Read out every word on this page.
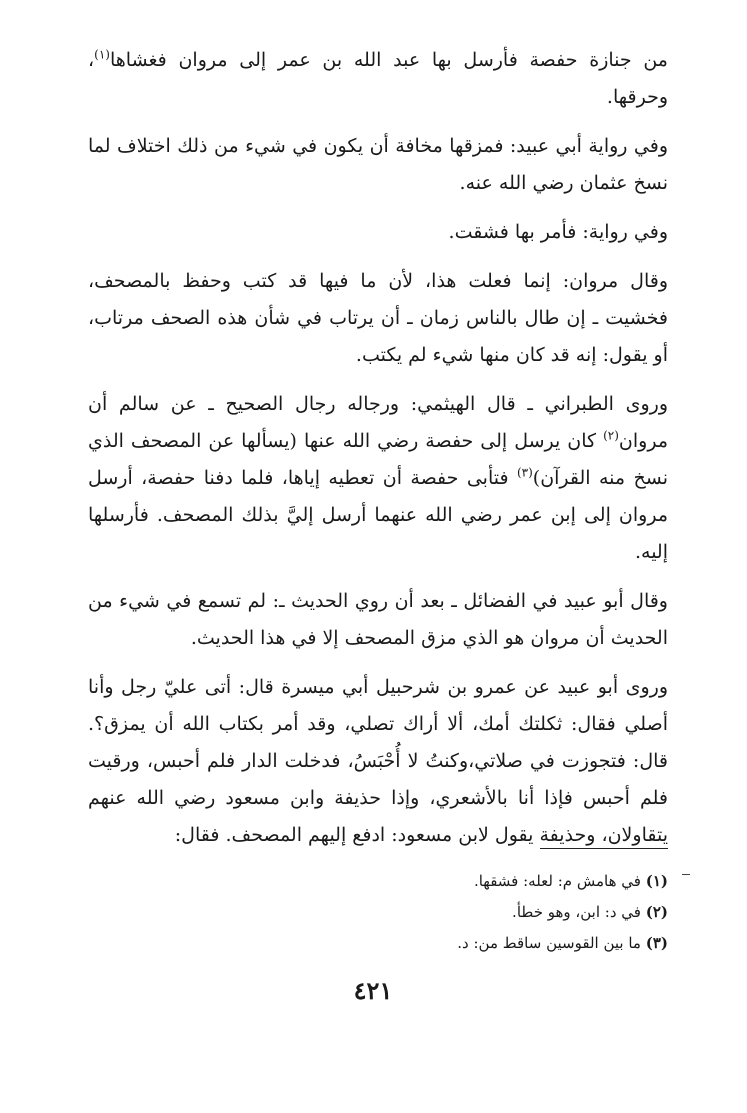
من جنازة حفصة فأرسل بها عبد الله بن عمر إلى مروان فغشاها$^{(١)}$، وحرقها.

وفي رواية أبي عبيد: فمزقها مخافة أن يكون في شيء من ذلك اختلاف لما نسخ عثمان رضي الله عنه.

وفي رواية: فأمر بها فشقت.

وقال مروان: إنما فعلت هذا، لأن ما فيها قد كتب وحفظ بالمصحف، فخشيت ـ إن طال بالناس زمان ـ أن يرتاب في شأن هذه الصحف مرتاب، أو يقول: إنه قد كان منها شيء لم يكتب.

وروى الطبراني ـ قال الهيثمي: ورجاله رجال الصحيح ـ عن سالم أن مروان$^{(٢)}$ كان يرسل إلى حفصة رضي الله عنها (يسألها عن المصحف الذي نسخ منه القرآن)$^{(٣)}$ فتأبى حفصة أن تعطيه إياها، فلما دفنا حفصة، أرسل مروان إلى إبن عمر رضي الله عنهما أرسل إليَّ بذلك المصحف. فأرسلها إليه.

وقال أبو عبيد في الفضائل ـ بعد أن روي الحديث ـ: لم تسمع في شيء من الحديث أن مروان هو الذي مزق المصحف إلا في هذا الحديث.

وروى أبو عبيد عن عمرو بن شرحبيل أبي ميسرة قال: أتى عليّ رجل وأنا أصلي فقال: ثكلتك أمك، ألا أراك تصلي، وقد أمر بكتاب الله أن يمزق؟. قال: فتجوزت في صلاتي،وكنتُ لا أُحْبَسُ، فدخلت الدار فلم أحبس، ورقيت فلم أحبس فإذا أنا بالأشعري، وإذا حذيفة وابن مسعود رضي الله عنهم يتقاولان، وحذيفة يقول لابن مسعود: ادفع إليهم المصحف. فقال:

(١) في هامش م: لعله: فشقها.

(٢) في د: ابن، وهو خطأ.

(٣) ما بين القوسين ساقط من: د.

٤٢١
